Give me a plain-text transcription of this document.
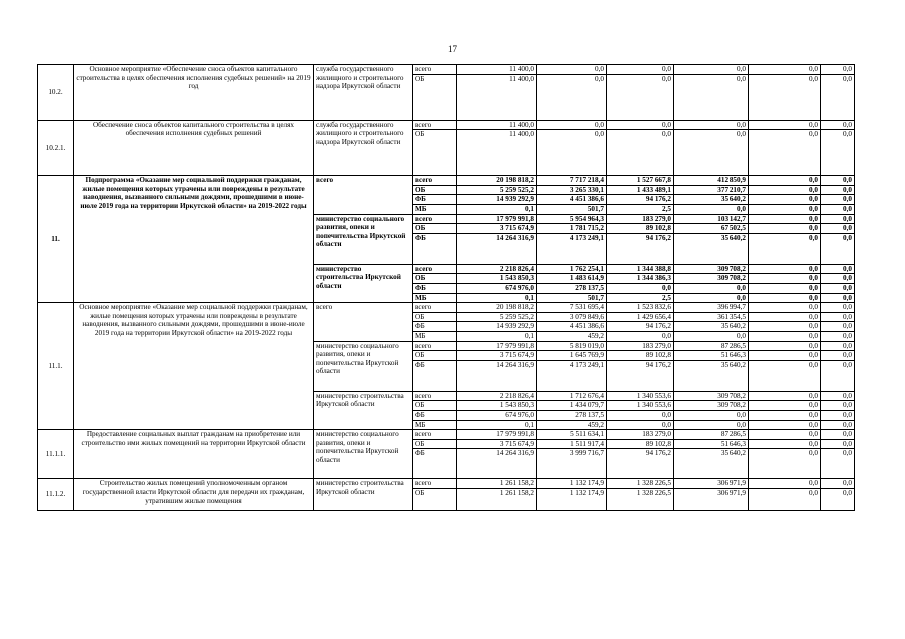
17
10.2.	Основное мероприятие «Обеспечение сноса объектов капитального строительства в целях обеспечения исполнения судебных решений» на 2019 год	служба государственного жилищного и строительного надзора Иркутской области	всего	11 400,0	0,0	0,0	0,0	0,0	0,0	
			ОБ	11 400,0	0,0	0,0	0,0	0,0	0,0	
10.2.1.	Обеспечение сноса объектов капитального строительства в целях обеспечения исполнения судебных решений	служба государственного жилищного и строительного надзора Иркутской области	всего	11 400,0	0,0	0,0	0,0	0,0	0,0	
			ОБ	11 400,0	0,0	0,0	0,0	0,0	0,0	
11.	Подпрограмма «Оказание мер социальной поддержки гражданам, жилые помещения которых утрачены или повреждены в результате наводнения, вызванного сильными дождями, прошедшими в июне-июле 2019 года на территории Иркутской области» на 2019-2022 годы	всего	всего	20 198 818,2	7 717 218,4	1 527 667,8	412 850,9	0,0	0,0	
			ОБ	5 259 525,2	3 265 330,1	1 433 489,1	377 210,7	0,0	0,0	
			ФБ	14 939 292,9	4 451 386,6	94 176,2	35 640,2	0,0	0,0	
			МБ	0,1	501,7	2,5	0,0	0,0	0,0	
		министерство социального развития, опеки и попечительства Иркутской области	всего	17 979 991,8	5 954 964,3	183 279,0	103 142,7	0,0	0,0	
			ОБ	3 715 674,9	1 781 715,2	89 102,8	67 502,5	0,0	0,0	
			ФБ	14 264 316,9	4 173 249,1	94 176,2	35 640,2	0,0	0,0	

		министерство строительства Иркутской области	всего	2 218 826,4	1 762 254,1	1 344 388,8	309 708,2	0,0	0,0	
			ОБ	1 543 850,3	1 483 614,9	1 344 386,3	309 708,2	0,0	0,0	
			ФБ	674 976,0	278 137,5	0,0	0,0	0,0	0,0	
			МБ	0,1	501,7	2,5	0,0	0,0	0,0	
11.1.	Основное мероприятие «Оказание мер социальной поддержки гражданам, жилые помещения которых утрачены или повреждены в результате наводнения, вызванного сильными дождями, прошедшими в июне-июле 2019 года на территории Иркутской области» на 2019-2022 годы	всего	всего	20 198 818,2	7 531 695,4	1 523 832,6	396 994,7	0,0	0,0	
			ОБ	5 259 525,2	3 079 849,6	1 429 656,4	361 354,5	0,0	0,0	
			ФБ	14 939 292,9	4 451 386,6	94 176,2	35 640,2	0,0	0,0	
			МБ	0,1	459,2	0,0	0,0	0,0	0,0	
		министерство социального развития, опеки и попечительства Иркутской области	всего	17 979 991,8	5 819 019,0	183 279,0	87 286,5	0,0	0,0	
			ОБ	3 715 674,9	1 645 769,9	89 102,8	51 646,3	0,0	0,0	
			ФБ	14 264 316,9	4 173 249,1	94 176,2	35 640,2	0,0	0,0	

		министерство строительства Иркутской области	всего	2 218 826,4	1 712 676,4	1 340 553,6	309 708,2	0,0	0,0	
			ОБ	1 543 850,3	1 434 079,7	1 340 553,6	309 708,2	0,0	0,0	
			ФБ	674 976,0	278 137,5	0,0	0,0	0,0	0,0	
			МБ	0,1	459,2	0,0	0,0	0,0	0,0	
11.1.1.	Предоставление социальных выплат гражданам на приобретение или строительство ими жилых помещений на территории Иркутской области	министерство социального развития, опеки и попечительства Иркутской области	всего	17 979 991,8	5 511 634,1	183 279,0	87 286,5	0,0	0,0	
			ОБ	3 715 674,9	1 511 917,4	89 102,8	51 646,3	0,0	0,0	
			ФБ	14 264 316,9	3 999 716,7	94 176,2	35 640,2	0,0	0,0	
11.1.2.	Строительство жилых помещений уполномоченным органом государственной власти Иркутской области для передачи их гражданам, утратившим жилые помещения	министерство строительства Иркутской области	всего	1 261 158,2	1 132 174,9	1 328 226,5	306 971,9	0,0	0,0	
			ОБ	1 261 158,2	1 132 174,9	1 328 226,5	306 971,9	0,0	0,0	
